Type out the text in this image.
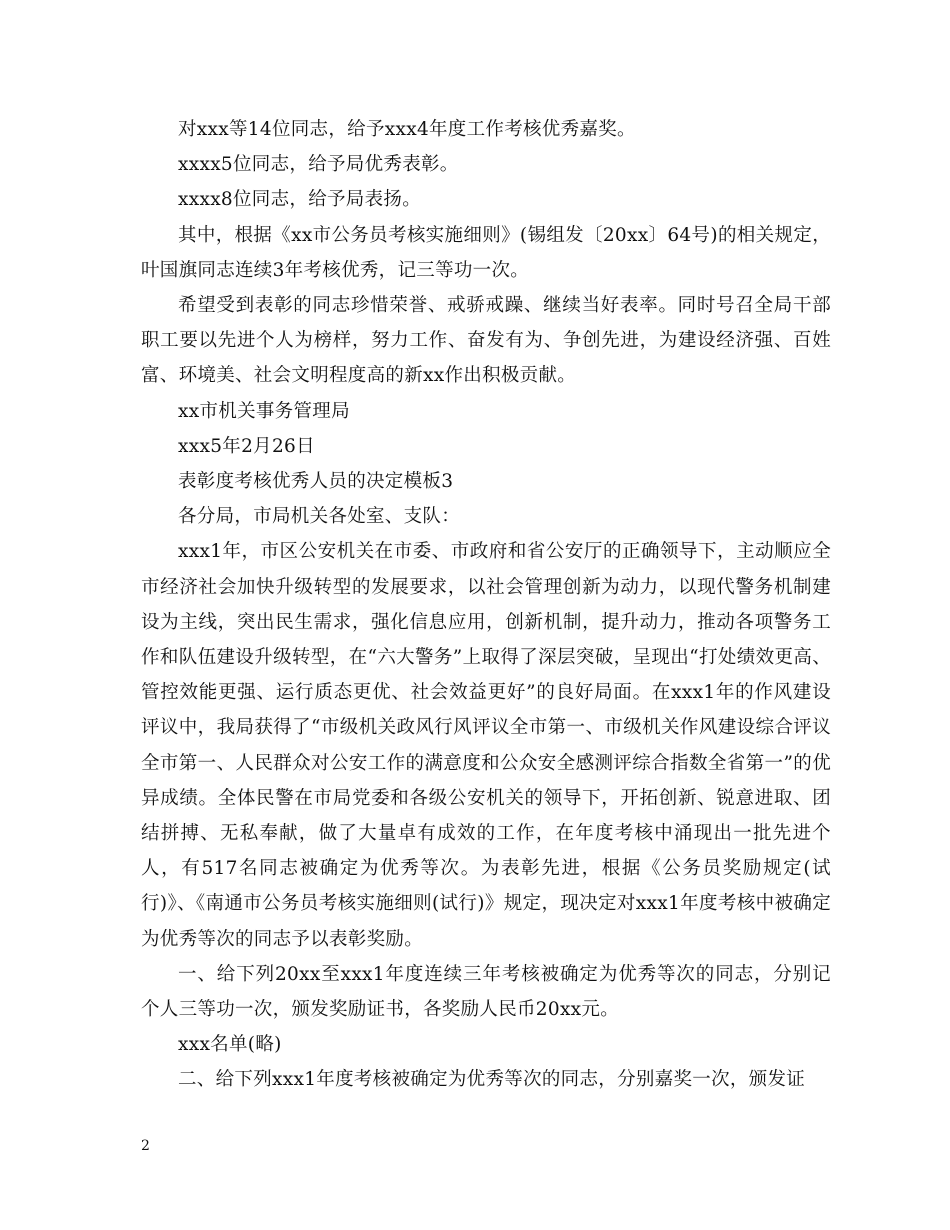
对xxx等14位同志，给予xxx4年度工作考核优秀嘉奖。

xxxx5位同志，给予局优秀表彰。

xxxx8位同志，给予局表扬。

其中，根据《xx市公务员考核实施细则》(锡组发〔20xx〕64号)的相关规定，叶国旗同志连续3年考核优秀，记三等功一次。

希望受到表彰的同志珍惜荣誉、戒骄戒躁、继续当好表率。同时号召全局干部职工要以先进个人为榜样，努力工作、奋发有为、争创先进，为建设经济强、百姓富、环境美、社会文明程度高的新xx作出积极贡献。

xx市机关事务管理局

xxx5年2月26日

表彰度考核优秀人员的决定模板3

各分局，市局机关各处室、支队：

xxx1年，市区公安机关在市委、市政府和省公安厅的正确领导下，主动顺应全市经济社会加快升级转型的发展要求，以社会管理创新为动力，以现代警务机制建设为主线，突出民生需求，强化信息应用，创新机制，提升动力，推动各项警务工作和队伍建设升级转型，在“六大警务”上取得了深层突破，呈现出“打处绩效更高、管控效能更强、运行质态更优、社会效益更好”的良好局面。在xxx1年的作风建设评议中，我局获得了“市级机关政风行风评议全市第一、市级机关作风建设综合评议全市第一、人民群众对公安工作的满意度和公众安全感测评综合指数全省第一”的优异成绩。全体民警在市局党委和各级公安机关的领导下，开拓创新、锐意进取、团结拼搏、无私奉献，做了大量卓有成效的工作，在年度考核中涌现出一批先进个人，有517名同志被确定为优秀等次。为表彰先进，根据《公务员奖励规定(试行)》、《南通市公务员考核实施细则(试行)》规定，现决定对xxx1年度考核中被确定为优秀等次的同志予以表彰奖励。

一、给下列20xx至xxx1年度连续三年考核被确定为优秀等次的同志，分别记个人三等功一次，颁发奖励证书，各奖励人民币20xx元。

xxx名单(略)

二、给下列xxx1年度考核被确定为优秀等次的同志，分别嘉奖一次，颁发证

2
